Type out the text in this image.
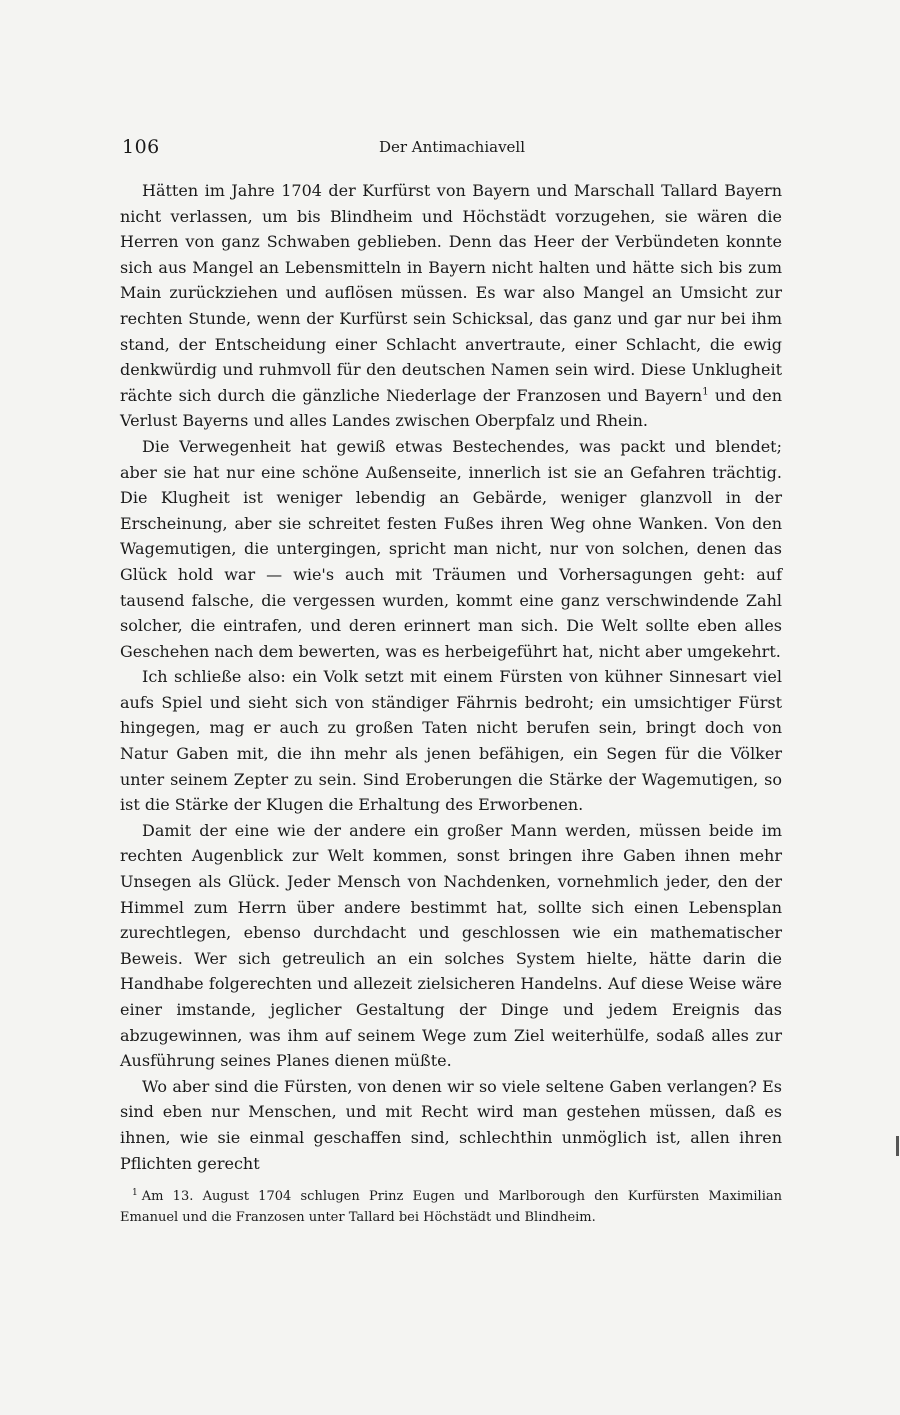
106	Der Antimachiavell

Hätten im Jahre 1704 der Kurfürst von Bayern und Marschall Tallard Bayern nicht verlassen, um bis Blindheim und Höchstädt vorzugehen, sie wären die Herren von ganz Schwaben geblieben. Denn das Heer der Verbündeten konnte sich aus Mangel an Lebensmitteln in Bayern nicht halten und hätte sich bis zum Main zurückziehen und auflösen müssen. Es war also Mangel an Umsicht zur rechten Stunde, wenn der Kurfürst sein Schicksal, das ganz und gar nur bei ihm stand, der Entscheidung einer Schlacht anvertraute, einer Schlacht, die ewig denkwürdig und ruhmvoll für den deutschen Namen sein wird. Diese Unklugheit rächte sich durch die gänzliche Niederlage der Franzosen und Bayern$^1$ und den Verlust Bayerns und alles Landes zwischen Oberpfalz und Rhein.

Die Verwegenheit hat gewiß etwas Bestechendes, was packt und blendet; aber sie hat nur eine schöne Außenseite, innerlich ist sie an Gefahren trächtig. Die Klugheit ist weniger lebendig an Gebärde, weniger glanzvoll in der Erscheinung, aber sie schreitet festen Fußes ihren Weg ohne Wanken. Von den Wagemutigen, die untergingen, spricht man nicht, nur von solchen, denen das Glück hold war — wie's auch mit Träumen und Vorhersagungen geht: auf tausend falsche, die vergessen wurden, kommt eine ganz verschwindende Zahl solcher, die eintrafen, und deren erinnert man sich. Die Welt sollte eben alles Geschehen nach dem bewerten, was es herbeigeführt hat, nicht aber umgekehrt.

Ich schließe also: ein Volk setzt mit einem Fürsten von kühner Sinnesart viel aufs Spiel und sieht sich von ständiger Fährnis bedroht; ein umsichtiger Fürst hingegen, mag er auch zu großen Taten nicht berufen sein, bringt doch von Natur Gaben mit, die ihn mehr als jenen befähigen, ein Segen für die Völker unter seinem Zepter zu sein. Sind Eroberungen die Stärke der Wagemutigen, so ist die Stärke der Klugen die Erhaltung des Erworbenen.

Damit der eine wie der andere ein großer Mann werden, müssen beide im rechten Augenblick zur Welt kommen, sonst bringen ihre Gaben ihnen mehr Unsegen als Glück. Jeder Mensch von Nachdenken, vornehmlich jeder, den der Himmel zum Herrn über andere bestimmt hat, sollte sich einen Lebensplan zurechtlegen, ebenso durchdacht und geschlossen wie ein mathematischer Beweis. Wer sich getreulich an ein solches System hielte, hätte darin die Handhabe folgerechten und allezeit zielsicheren Handelns. Auf diese Weise wäre einer imstande, jeglicher Gestaltung der Dinge und jedem Ereignis das abzugewinnen, was ihm auf seinem Wege zum Ziel weiterhülfe, sodaß alles zur Ausführung seines Planes dienen müßte.

Wo aber sind die Fürsten, von denen wir so viele seltene Gaben verlangen? Es sind eben nur Menschen, und mit Recht wird man gestehen müssen, daß es ihnen, wie sie einmal geschaffen sind, schlechthin unmöglich ist, allen ihren Pflichten gerecht

$^1$ Am 13. August 1704 schlugen Prinz Eugen und Marlborough den Kurfürsten Maximilian Emanuel und die Franzosen unter Tallard bei Höchstädt und Blindheim.
